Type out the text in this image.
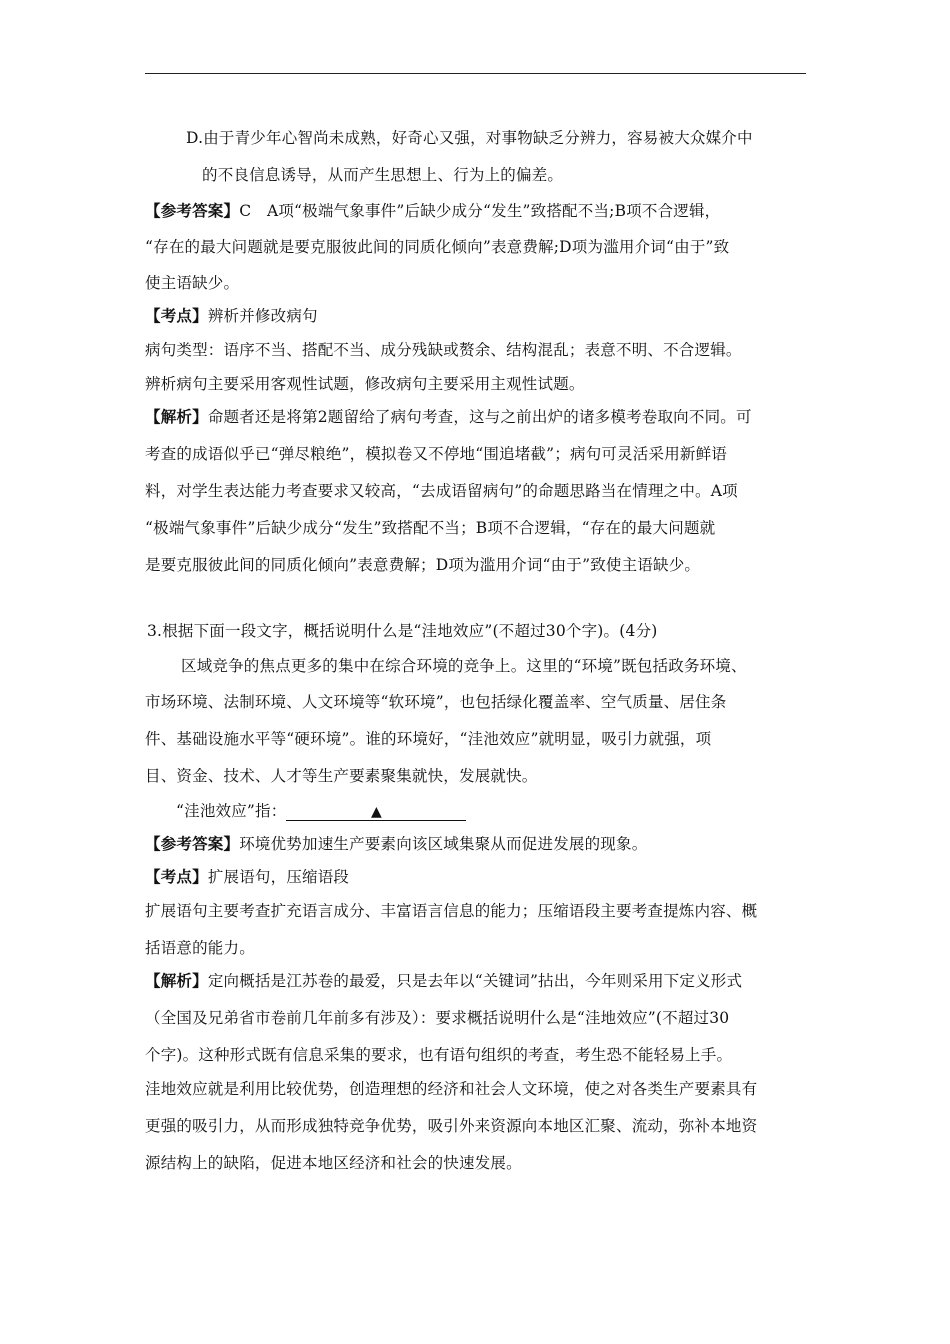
D.由于青少年心智尚未成熟，好奇心又强，对事物缺乏分辨力，容易被大众媒介中
的不良信息诱导，从而产生思想上、行为上的偏差。
【参考答案】C　A项“极端气象事件”后缺少成分“发生”致搭配不当;B项不合逻辑，
“存在的最大问题就是要克服彼此间的同质化倾向”表意费解;D项为滥用介词“由于”致
使主语缺少。
【考点】辨析并修改病句
病句类型：语序不当、搭配不当、成分残缺或赘余、结构混乱；表意不明、不合逻辑。
辨析病句主要采用客观性试题，修改病句主要采用主观性试题。
【解析】命题者还是将第2题留给了病句考查，这与之前出炉的诸多模考卷取向不同。可
考查的成语似乎已“弹尽粮绝”，模拟卷又不停地“围追堵截”；病句可灵活采用新鲜语
料，对学生表达能力考查要求又较高，“去成语留病句”的命题思路当在情理之中。A项
“极端气象事件”后缺少成分“发生”致搭配不当；B项不合逻辑，“存在的最大问题就
是要克服彼此间的同质化倾向”表意费解；D项为滥用介词“由于”致使主语缺少。
3.根据下面一段文字，概括说明什么是“洼地效应”(不超过30个字)。(4分)
区域竞争的焦点更多的集中在综合环境的竞争上。这里的“环境”既包括政务环境、
市场环境、法制环境、人文环境等“软环境”，也包括绿化覆盖率、空气质量、居住条
件、基础设施水平等“硬环境”。谁的环境好，“洼池效应”就明显，吸引力就强，项
目、资金、技术、人才等生产要素聚集就快，发展就快。
“洼池效应”指：	▲
【参考答案】环境优势加速生产要素向该区域集聚从而促进发展的现象。
【考点】扩展语句，压缩语段
扩展语句主要考查扩充语言成分、丰富语言信息的能力；压缩语段主要考查提炼内容、概
括语意的能力。
【解析】定向概括是江苏卷的最爱，只是去年以“关键词”拈出，今年则采用下定义形式
（全国及兄弟省市卷前几年前多有涉及）：要求概括说明什么是“洼地效应”(不超过30
个字)。这种形式既有信息采集的要求，也有语句组织的考查，考生恐不能轻易上手。
洼地效应就是利用比较优势，创造理想的经济和社会人文环境，使之对各类生产要素具有
更强的吸引力，从而形成独特竞争优势，吸引外来资源向本地区汇聚、流动，弥补本地资
源结构上的缺陷，促进本地区经济和社会的快速发展。
